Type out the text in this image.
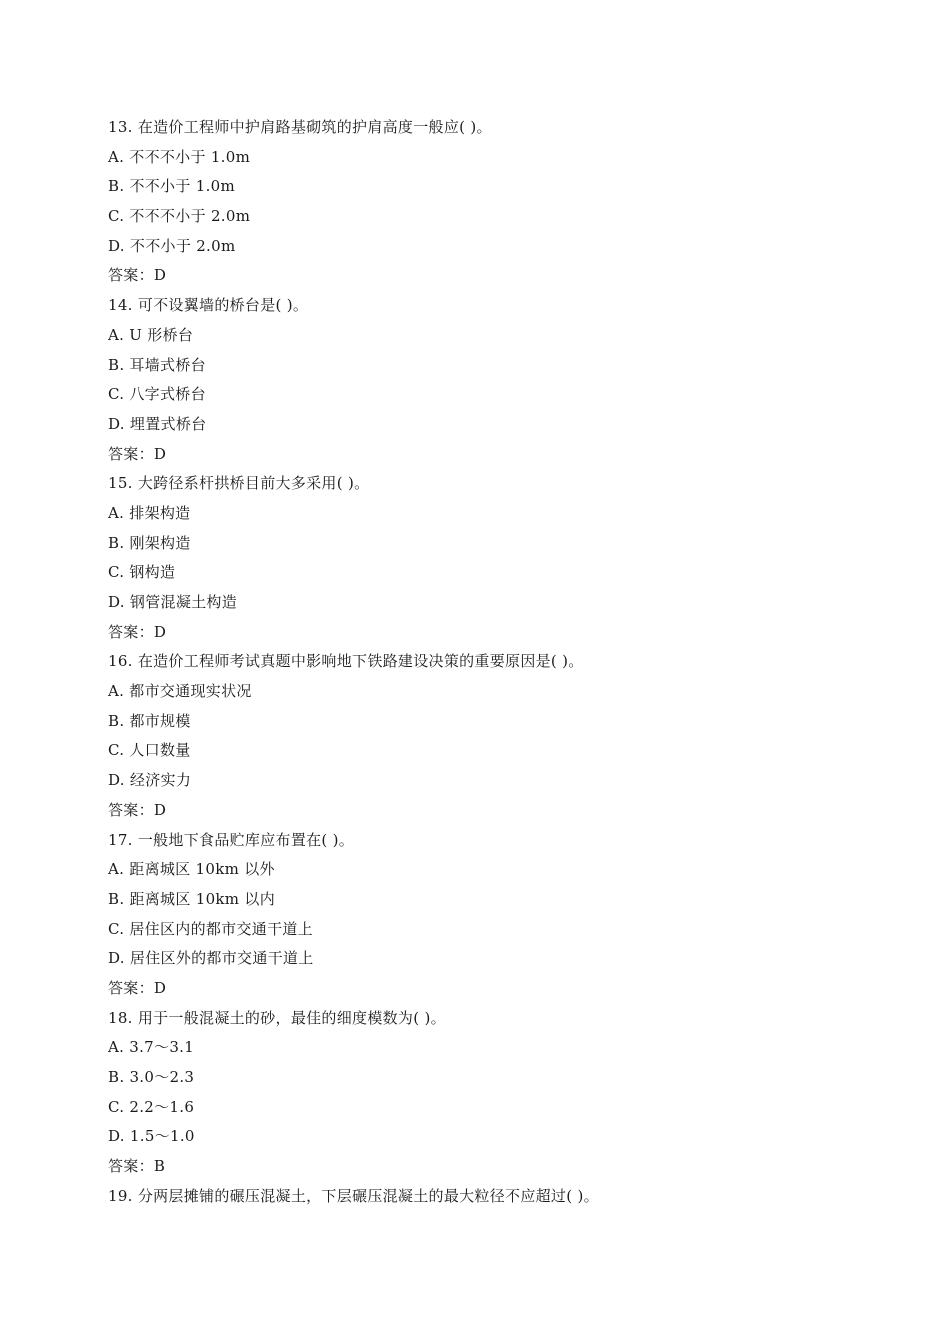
13. 在造价工程师中护肩路基砌筑的护肩高度一般应( )。
A. 不不不小于 1.0m
B. 不不小于 1.0m
C. 不不不小于 2.0m
D. 不不小于 2.0m
答案：D
14. 可不设翼墙的桥台是( )。
A. U 形桥台
B. 耳墙式桥台
C. 八字式桥台
D. 埋置式桥台
答案：D
15. 大跨径系杆拱桥目前大多采用( )。
A. 排架构造
B. 刚架构造
C. 钢构造
D. 钢管混凝土构造
答案：D
16. 在造价工程师考试真题中影响地下铁路建设决策的重要原因是( )。
A. 都市交通现实状况
B. 都市规模
C. 人口数量
D. 经济实力
答案：D
17. 一般地下食品贮库应布置在( )。
A. 距离城区 10km 以外
B. 距离城区 10km 以内
C. 居住区内的都市交通干道上
D. 居住区外的都市交通干道上
答案：D
18. 用于一般混凝土的砂，最佳的细度模数为( )。
A. 3.7～3.1
B. 3.0～2.3
C. 2.2～1.6
D. 1.5～1.0
答案：B
19. 分两层摊铺的碾压混凝土，下层碾压混凝土的最大粒径不应超过( )。
